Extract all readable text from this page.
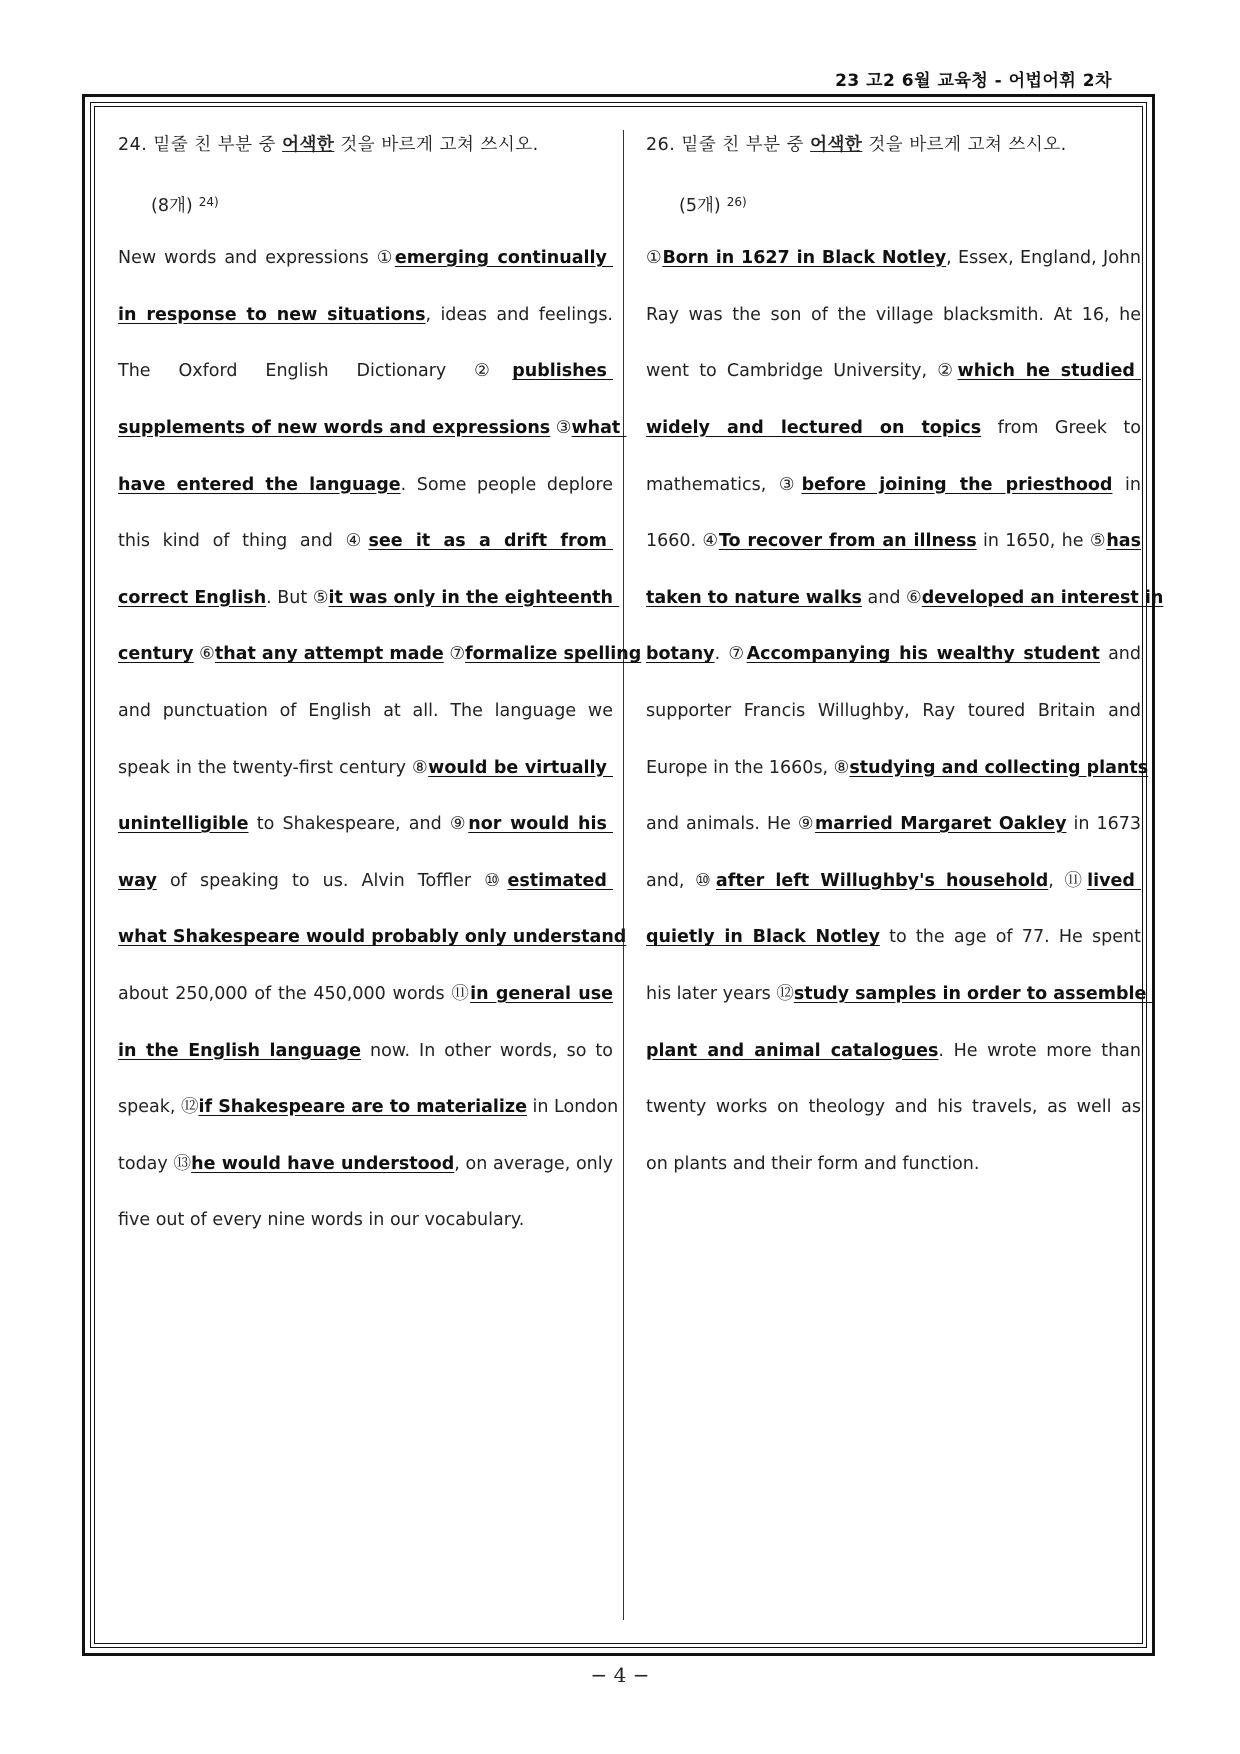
23 고2 6월 교육청 - 어법어휘 2차
24. 밑줄 친 부분 중 어색한 것을 바르게 고쳐 쓰시오.
(8개) $^{24)}$
New words and expressions ①emerging continually
in response to new situations, ideas and feelings.
The Oxford English Dictionary ②publishes
supplements of new words and expressions ③what
have entered the language. Some people deplore
this kind of thing and ④see it as a drift from
correct English. But ⑤it was only in the eighteenth
century ⑥that any attempt made ⑦formalize spelling
and punctuation of English at all. The language we
speak in the twenty-first century ⑧would be virtually
unintelligible to Shakespeare, and ⑨nor would his
way of speaking to us. Alvin Toffler ⑩estimated
what Shakespeare would probably only understand
about 250,000 of the 450,000 words ⑪in general use
in the English language now. In other words, so to
speak, ⑫if Shakespeare are to materialize in London
today ⑬he would have understood, on average, only
five out of every nine words in our vocabulary.
26. 밑줄 친 부분 중 어색한 것을 바르게 고쳐 쓰시오.
(5개) $^{26)}$
①Born in 1627 in Black Notley, Essex, England, John
Ray was the son of the village blacksmith. At 16, he
went to Cambridge University, ②which he studied
widely and lectured on topics from Greek to
mathematics, ③before joining the priesthood in
1660. ④To recover from an illness in 1650, he ⑤has
taken to nature walks and ⑥developed an interest in
botany. ⑦Accompanying his wealthy student and
supporter Francis Willughby, Ray toured Britain and
Europe in the 1660s, ⑧studying and collecting plants
and animals. He ⑨married Margaret Oakley in 1673
and, ⑩after left Willughby's household, ⑪lived
quietly in Black Notley to the age of 77. He spent
his later years ⑫study samples in order to assemble
plant and animal catalogues. He wrote more than
twenty works on theology and his travels, as well as
on plants and their form and function.
− 4 −
